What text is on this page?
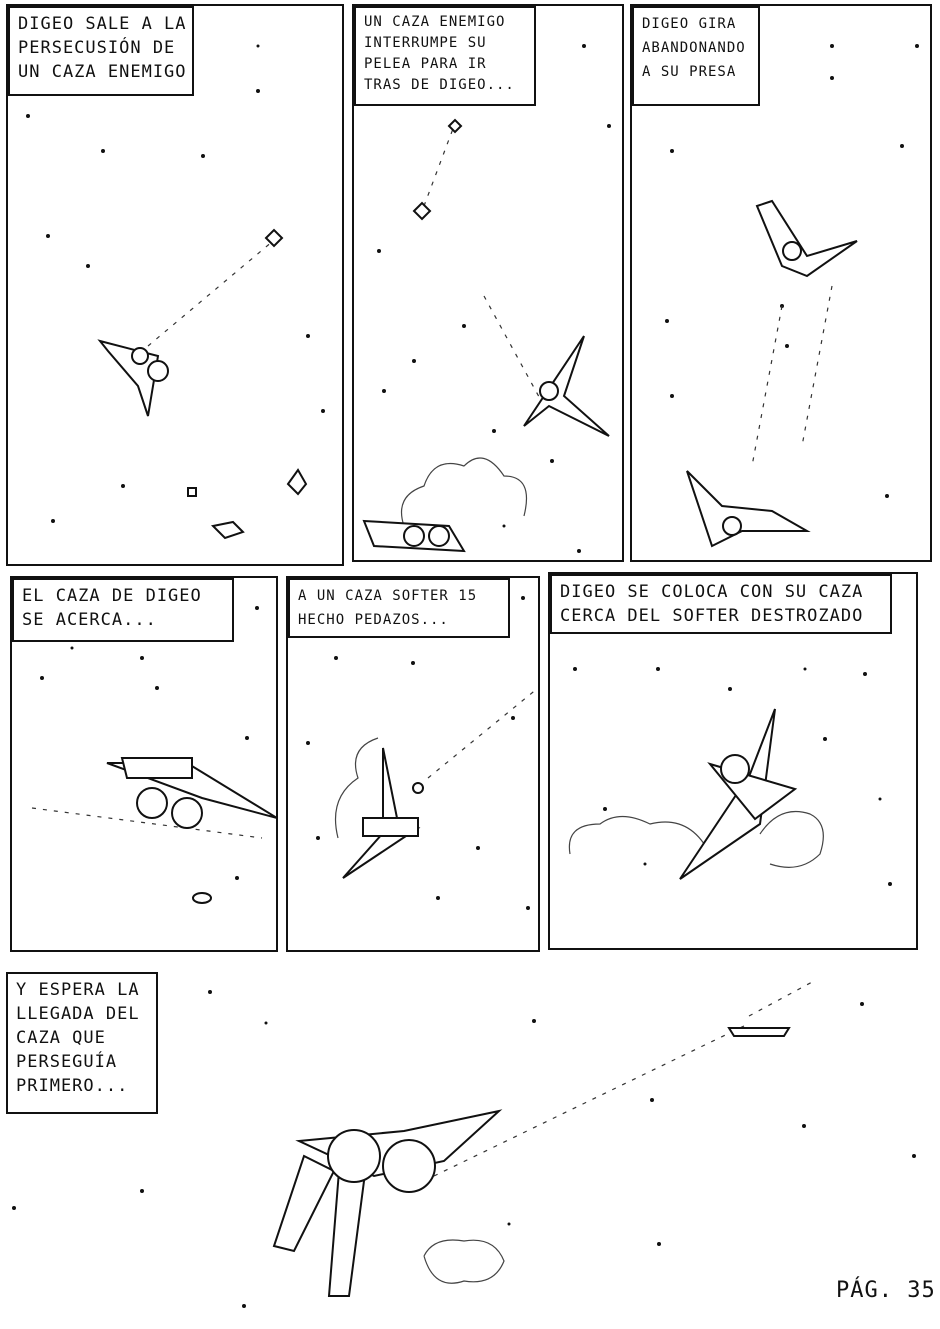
DIGEO SALE A LA
PERSECUSIÓN DE
UN CAZA ENEMIGO
UN CAZA ENEMIGO
INTERRUMPE SU
PELEA PARA IR
TRAS DE DIGEO...
DIGEO GIRA
ABANDONANDO
A SU PRESA
EL CAZA DE DIGEO
SE ACERCA...
A UN CAZA SOFTER 15
HECHO PEDAZOS...
DIGEO SE COLOCA CON SU CAZA
CERCA DEL SOFTER DESTROZADO
Y ESPERA LA
LLEGADA DEL
CAZA QUE
PERSEGUÍA
PRIMERO...
PÁG. 35
